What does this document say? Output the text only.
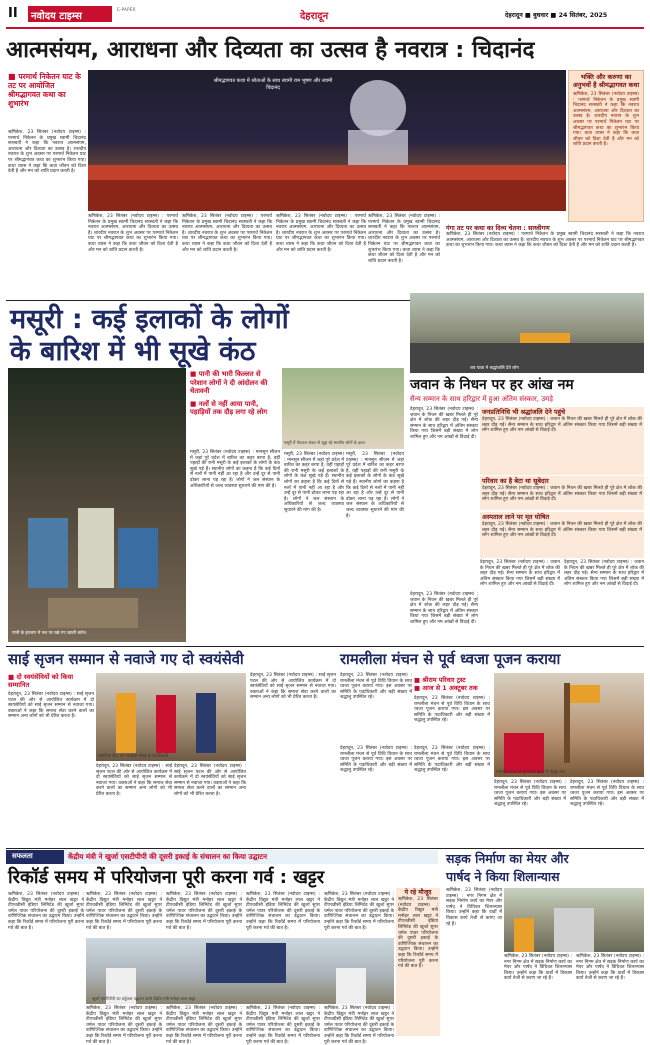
II नवोदय टाइम्स
E-PAPER
देहरादून	देहरादून ■ बुधवार ■ 24 सितंबर, 2025
आत्मसंयम, आराधना और दिव्यता का उत्सव है नवरात्र : चिदानंद
■ परमार्थ निकेतन घाट के तट पर आयोजित श्रीमद्भागवत कथा का शुभारंभ
श्रीमद्भागवत कथा में श्रोताओं के साथ स्वामी राम भूषण और स्वामी चिदानंद
भक्ति और करुणा का अनुभवों है श्रीमद्भागवत कथा
ऋषिकेश, 23 सितंबर (नवोदय टाइम्स) : परमार्थ निकेतन के प्रमुख स्वामी चिदानंद सरस्वती ने कहा कि नवरात्र आत्मसंयम, आराधना और दिव्यता का उत्सव है। शारदीय नवरात्र के शुभ अवसर पर परमार्थ निकेतन घाट पर श्रीमद्भागवत कथा का शुभारंभ किया गया। कथा व्यास ने कहा कि कथा जीवन को दिशा देती है और मन को शांति प्रदान करती है।
ऋषिकेश, 23 सितंबर (नवोदय टाइम्स) : परमार्थ निकेतन के प्रमुख स्वामी चिदानंद सरस्वती ने कहा कि नवरात्र आत्मसंयम, आराधना और दिव्यता का उत्सव है। शारदीय नवरात्र के शुभ अवसर पर परमार्थ निकेतन घाट पर श्रीमद्भागवत कथा का शुभारंभ किया गया। कथा व्यास ने कहा कि कथा जीवन को दिशा देती है और मन को शांति प्रदान करती है।
ऋषिकेश, 23 सितंबर (नवोदय टाइम्स) : परमार्थ निकेतन के प्रमुख स्वामी चिदानंद सरस्वती ने कहा कि नवरात्र आत्मसंयम, आराधना और दिव्यता का उत्सव है। शारदीय नवरात्र के शुभ अवसर पर परमार्थ निकेतन घाट पर श्रीमद्भागवत कथा का शुभारंभ किया गया। कथा व्यास ने कहा कि कथा जीवन को दिशा देती है और मन को शांति प्रदान करती है।
ऋषिकेश, 23 सितंबर (नवोदय टाइम्स) : परमार्थ निकेतन के प्रमुख स्वामी चिदानंद सरस्वती ने कहा कि नवरात्र आत्मसंयम, आराधना और दिव्यता का उत्सव है। शारदीय नवरात्र के शुभ अवसर पर परमार्थ निकेतन घाट पर श्रीमद्भागवत कथा का शुभारंभ किया गया। कथा व्यास ने कहा कि कथा जीवन को दिशा देती है और मन को शांति प्रदान करती है।
ऋषिकेश, 23 सितंबर (नवोदय टाइम्स) : परमार्थ निकेतन के प्रमुख स्वामी चिदानंद सरस्वती ने कहा कि नवरात्र आत्मसंयम, आराधना और दिव्यता का उत्सव है। शारदीय नवरात्र के शुभ अवसर पर परमार्थ निकेतन घाट पर श्रीमद्भागवत कथा का शुभारंभ किया गया। कथा व्यास ने कहा कि कथा जीवन को दिशा देती है और मन को शांति प्रदान करती है।
ऋषिकेश, 23 सितंबर (नवोदय टाइम्स) : परमार्थ निकेतन के प्रमुख स्वामी चिदानंद सरस्वती ने कहा कि नवरात्र आत्मसंयम, आराधना और दिव्यता का उत्सव है। शारदीय नवरात्र के शुभ अवसर पर परमार्थ निकेतन घाट पर श्रीमद्भागवत कथा का शुभारंभ किया गया। कथा व्यास ने कहा कि कथा जीवन को दिशा देती है और मन को शांति प्रदान करती है।
गंगा तट पर कथा का दिव्य चेतना : साध्वीगण
ऋषिकेश, 23 सितंबर (नवोदय टाइम्स) : परमार्थ निकेतन के प्रमुख स्वामी चिदानंद सरस्वती ने कहा कि नवरात्र आत्मसंयम, आराधना और दिव्यता का उत्सव है। शारदीय नवरात्र के शुभ अवसर पर परमार्थ निकेतन घाट पर श्रीमद्भागवत कथा का शुभारंभ किया गया। कथा व्यास ने कहा कि कथा जीवन को दिशा देती है और मन को शांति प्रदान करती है।
मसूरी : कई इलाकों के लोगों
के बारिश में भी सूखे कंठ
पानी के इंतजार में नल पर रखे गए खाली बर्तन।
■ पानी की भारी किल्लत से परेशान लोगों ने दी आंदोलन की चेतावनी
■ नलों से नहीं आया पानी, पहाड़ियों तक दौड़ लगा रहे लोग
मसूरी में पेयजल संकट से जूझ रहे स्थानीय लोगों के हाल।
मसूरी, 23 सितंबर (नवोदय टाइम्स) : मानसून सीजन में जहां पूरे प्रदेश में बारिश का कहर बरपा है, वहीं पहाड़ों की रानी मसूरी के कई इलाकों के लोगों के कंठ सूखे पड़े हैं। स्थानीय लोगों का कहना है कि कई दिनों से नलों में पानी नहीं आ रहा है और उन्हें दूर से पानी ढोकर लाना पड़ रहा है। लोगों ने जल संस्थान के अधिकारियों से जल्द व्यवस्था सुधारने की मांग की है।
मसूरी, 23 सितंबर (नवोदय टाइम्स) : मानसून सीजन में जहां पूरे प्रदेश में बारिश का कहर बरपा है, वहीं पहाड़ों की रानी मसूरी के कई इलाकों के लोगों के कंठ सूखे पड़े हैं। स्थानीय लोगों का कहना है कि कई दिनों से नलों में पानी नहीं आ रहा है और उन्हें दूर से पानी ढोकर लाना पड़ रहा है। लोगों ने जल संस्थान के अधिकारियों से जल्द व्यवस्था सुधारने की मांग की है।
मसूरी, 23 सितंबर (नवोदय टाइम्स) : मानसून सीजन में जहां पूरे प्रदेश में बारिश का कहर बरपा है, वहीं पहाड़ों की रानी मसूरी के कई इलाकों के लोगों के कंठ सूखे पड़े हैं। स्थानीय लोगों का कहना है कि कई दिनों से नलों में पानी नहीं आ रहा है और उन्हें दूर से पानी ढोकर लाना पड़ रहा है। लोगों ने जल संस्थान के अधिकारियों से जल्द व्यवस्था सुधारने की मांग की है।
शव यात्रा में श्रद्धांजलि देते लोग
जवान के निधन पर हर आंख नम
सैन्य सम्मान के साथ हरिद्वार में हुआ अंतिम संस्कार, उमड़े
देहरादून, 23 सितंबर (नवोदय टाइम्स) : जवान के निधन की खबर मिलते ही पूरे क्षेत्र में शोक की लहर दौड़ गई। सैन्य सम्मान के साथ हरिद्वार में अंतिम संस्कार किया गया जिसमें बड़ी संख्या में लोग शामिल हुए और नम आंखों से विदाई दी।
देहरादून, 23 सितंबर (नवोदय टाइम्स) : जवान के निधन की खबर मिलते ही पूरे क्षेत्र में शोक की लहर दौड़ गई। सैन्य सम्मान के साथ हरिद्वार में अंतिम संस्कार किया गया जिसमें बड़ी संख्या में लोग शामिल हुए और नम आंखों से विदाई दी।
जनप्रतिनिधि भी श्रद्धांजलि देने पहुंचे
देहरादून, 23 सितंबर (नवोदय टाइम्स) : जवान के निधन की खबर मिलते ही पूरे क्षेत्र में शोक की लहर दौड़ गई। सैन्य सम्मान के साथ हरिद्वार में अंतिम संस्कार किया गया जिसमें बड़ी संख्या में लोग शामिल हुए और नम आंखों से विदाई दी।
परिवार का है बेटा था सूबेदार
देहरादून, 23 सितंबर (नवोदय टाइम्स) : जवान के निधन की खबर मिलते ही पूरे क्षेत्र में शोक की लहर दौड़ गई। सैन्य सम्मान के साथ हरिद्वार में अंतिम संस्कार किया गया जिसमें बड़ी संख्या में लोग शामिल हुए और नम आंखों से विदाई दी।
अस्पताल लाने पर मृत घोषित
देहरादून, 23 सितंबर (नवोदय टाइम्स) : जवान के निधन की खबर मिलते ही पूरे क्षेत्र में शोक की लहर दौड़ गई। सैन्य सम्मान के साथ हरिद्वार में अंतिम संस्कार किया गया जिसमें बड़ी संख्या में लोग शामिल हुए और नम आंखों से विदाई दी।
देहरादून, 23 सितंबर (नवोदय टाइम्स) : जवान के निधन की खबर मिलते ही पूरे क्षेत्र में शोक की लहर दौड़ गई। सैन्य सम्मान के साथ हरिद्वार में अंतिम संस्कार किया गया जिसमें बड़ी संख्या में लोग शामिल हुए और नम आंखों से विदाई दी।
देहरादून, 23 सितंबर (नवोदय टाइम्स) : जवान के निधन की खबर मिलते ही पूरे क्षेत्र में शोक की लहर दौड़ गई। सैन्य सम्मान के साथ हरिद्वार में अंतिम संस्कार किया गया जिसमें बड़ी संख्या में लोग शामिल हुए और नम आंखों से विदाई दी।
साई सृजन सम्मान से नवाजे गए दो स्वयंसेवी
■ दो स्वयंसेवियों को किया सम्मानित
सम्मानित किए गए स्वयंसेवी संस्था के पदाधिकारी
देहरादून, 23 सितंबर (नवोदय टाइम्स) : साई सृजन पटल की ओर से आयोजित कार्यक्रम में दो स्वयंसेवियों को साई सृजन सम्मान से नवाजा गया। वक्ताओं ने कहा कि समाज सेवा करने वालों का सम्मान अन्य लोगों को भी प्रेरित करता है।
देहरादून, 23 सितंबर (नवोदय टाइम्स) : साई सृजन पटल की ओर से आयोजित कार्यक्रम में दो स्वयंसेवियों को साई सृजन सम्मान से नवाजा गया। वक्ताओं ने कहा कि समाज सेवा करने वालों का सम्मान अन्य लोगों को भी प्रेरित करता है।
देहरादून, 23 सितंबर (नवोदय टाइम्स) : साई सृजन पटल की ओर से आयोजित कार्यक्रम में दो स्वयंसेवियों को साई सृजन सम्मान से नवाजा गया। वक्ताओं ने कहा कि समाज सेवा करने वालों का सम्मान अन्य लोगों को भी प्रेरित करता है।
देहरादून, 23 सितंबर (नवोदय टाइम्स) : साई सृजन पटल की ओर से आयोजित कार्यक्रम में दो स्वयंसेवियों को साई सृजन सम्मान से नवाजा गया। वक्ताओं ने कहा कि समाज सेवा करने वालों का सम्मान अन्य लोगों को भी प्रेरित करता है।
रामलीला मंचन से पूर्व ध्वजा पूजन कराया
■ श्रीराम परिवार ट्रस्ट
■ आज से 1 अक्टूबर तक
देहरादून, 23 सितंबर (नवोदय टाइम्स) : रामलीला मंचन से पूर्व विधि विधान के साथ ध्वजा पूजन कराया गया। इस अवसर पर समिति के पदाधिकारी और बड़ी संख्या में श्रद्धालु उपस्थित रहे।	देहरादून, 23 सितंबर (नवोदय टाइम्स) : रामलीला मंचन से पूर्व विधि विधान के साथ ध्वजा पूजन कराया गया। इस अवसर पर समिति के पदाधिकारी और बड़ी संख्या में श्रद्धालु उपस्थित रहे।
रामलीला मंचन से पूर्व ध्वजा पूजन में मौजूद लोग
देहरादून, 23 सितंबर (नवोदय टाइम्स) : रामलीला मंचन से पूर्व विधि विधान के साथ ध्वजा पूजन कराया गया। इस अवसर पर समिति के पदाधिकारी और बड़ी संख्या में श्रद्धालु उपस्थित रहे।
देहरादून, 23 सितंबर (नवोदय टाइम्स) : रामलीला मंचन से पूर्व विधि विधान के साथ ध्वजा पूजन कराया गया। इस अवसर पर समिति के पदाधिकारी और बड़ी संख्या में श्रद्धालु उपस्थित रहे।
देहरादून, 23 सितंबर (नवोदय टाइम्स) : रामलीला मंचन से पूर्व विधि विधान के साथ ध्वजा पूजन कराया गया। इस अवसर पर समिति के पदाधिकारी और बड़ी संख्या में श्रद्धालु उपस्थित रहे।
देहरादून, 23 सितंबर (नवोदय टाइम्स) : रामलीला मंचन से पूर्व विधि विधान के साथ ध्वजा पूजन कराया गया। इस अवसर पर समिति के पदाधिकारी और बड़ी संख्या में श्रद्धालु उपस्थित रहे।
सफलता	केंद्रीय मंत्री ने खुर्जा एसटीपीपी की दूसरी इकाई के संचालन का किया उद्घाटन
रिकॉर्ड समय में परियोजना पूरी करना गर्व : खट्टर
ऋषिकेश, 23 सितंबर (नवोदय टाइम्स) : केंद्रीय विद्युत मंत्री मनोहर लाल खट्टर ने टीएचडीसी इंडिया लिमिटेड की खुर्जा सुपर थर्मल पावर परियोजना की दूसरी इकाई के वाणिज्यिक संचालन का उद्घाटन किया। उन्होंने कहा कि रिकॉर्ड समय में परियोजना पूरी करना गर्व की बात है।
ऋषिकेश, 23 सितंबर (नवोदय टाइम्स) : केंद्रीय विद्युत मंत्री मनोहर लाल खट्टर ने टीएचडीसी इंडिया लिमिटेड की खुर्जा सुपर थर्मल पावर परियोजना की दूसरी इकाई के वाणिज्यिक संचालन का उद्घाटन किया। उन्होंने कहा कि रिकॉर्ड समय में परियोजना पूरी करना गर्व की बात है।
ऋषिकेश, 23 सितंबर (नवोदय टाइम्स) : केंद्रीय विद्युत मंत्री मनोहर लाल खट्टर ने टीएचडीसी इंडिया लिमिटेड की खुर्जा सुपर थर्मल पावर परियोजना की दूसरी इकाई के वाणिज्यिक संचालन का उद्घाटन किया। उन्होंने कहा कि रिकॉर्ड समय में परियोजना पूरी करना गर्व की बात है।
ऋषिकेश, 23 सितंबर (नवोदय टाइम्स) : केंद्रीय विद्युत मंत्री मनोहर लाल खट्टर ने टीएचडीसी इंडिया लिमिटेड की खुर्जा सुपर थर्मल पावर परियोजना की दूसरी इकाई के वाणिज्यिक संचालन का उद्घाटन किया। उन्होंने कहा कि रिकॉर्ड समय में परियोजना पूरी करना गर्व की बात है।
ऋषिकेश, 23 सितंबर (नवोदय टाइम्स) : केंद्रीय विद्युत मंत्री मनोहर लाल खट्टर ने टीएचडीसी इंडिया लिमिटेड की खुर्जा सुपर थर्मल पावर परियोजना की दूसरी इकाई के वाणिज्यिक संचालन का उद्घाटन किया। उन्होंने कहा कि रिकॉर्ड समय में परियोजना पूरी करना गर्व की बात है।
खुर्जा एसटीपीपी का वर्चुअल उद्घाटन करते केंद्रीय मंत्री मनोहर लाल खट्टर
ऋषिकेश, 23 सितंबर (नवोदय टाइम्स) : केंद्रीय विद्युत मंत्री मनोहर लाल खट्टर ने टीएचडीसी इंडिया लिमिटेड की खुर्जा सुपर थर्मल पावर परियोजना की दूसरी इकाई के वाणिज्यिक संचालन का उद्घाटन किया। उन्होंने कहा कि रिकॉर्ड समय में परियोजना पूरी करना गर्व की बात है।
ऋषिकेश, 23 सितंबर (नवोदय टाइम्स) : केंद्रीय विद्युत मंत्री मनोहर लाल खट्टर ने टीएचडीसी इंडिया लिमिटेड की खुर्जा सुपर थर्मल पावर परियोजना की दूसरी इकाई के वाणिज्यिक संचालन का उद्घाटन किया। उन्होंने कहा कि रिकॉर्ड समय में परियोजना पूरी करना गर्व की बात है।
ऋषिकेश, 23 सितंबर (नवोदय टाइम्स) : केंद्रीय विद्युत मंत्री मनोहर लाल खट्टर ने टीएचडीसी इंडिया लिमिटेड की खुर्जा सुपर थर्मल पावर परियोजना की दूसरी इकाई के वाणिज्यिक संचालन का उद्घाटन किया। उन्होंने कहा कि रिकॉर्ड समय में परियोजना पूरी करना गर्व की बात है।
ऋषिकेश, 23 सितंबर (नवोदय टाइम्स) : केंद्रीय विद्युत मंत्री मनोहर लाल खट्टर ने टीएचडीसी इंडिया लिमिटेड की खुर्जा सुपर थर्मल पावर परियोजना की दूसरी इकाई के वाणिज्यिक संचालन का उद्घाटन किया। उन्होंने कहा कि रिकॉर्ड समय में परियोजना पूरी करना गर्व की बात है।
ये रहे मौजूद
ऋषिकेश, 23 सितंबर (नवोदय टाइम्स) : केंद्रीय विद्युत मंत्री मनोहर लाल खट्टर ने टीएचडीसी इंडिया लिमिटेड की खुर्जा सुपर थर्मल पावर परियोजना की दूसरी इकाई के वाणिज्यिक संचालन का उद्घाटन किया। उन्होंने कहा कि रिकॉर्ड समय में परियोजना पूरी करना गर्व की बात है।
सड़क निर्माण का मेयर और
पार्षद ने किया शिलान्यास
ऋषिकेश, 23 सितंबर (नवोदय टाइम्स) : नगर निगम क्षेत्र में सड़क निर्माण कार्य का मेयर और पार्षद ने विधिवत शिलान्यास किया। उन्होंने कहा कि वार्डों में विकास कार्य तेजी से कराए जा रहे हैं।
ऋषिकेश, 23 सितंबर (नवोदय टाइम्स) : नगर निगम क्षेत्र में सड़क निर्माण कार्य का मेयर और पार्षद ने विधिवत शिलान्यास किया। उन्होंने कहा कि वार्डों में विकास कार्य तेजी से कराए जा रहे हैं।
ऋषिकेश, 23 सितंबर (नवोदय टाइम्स) : नगर निगम क्षेत्र में सड़क निर्माण कार्य का मेयर और पार्षद ने विधिवत शिलान्यास किया। उन्होंने कहा कि वार्डों में विकास कार्य तेजी से कराए जा रहे हैं।
